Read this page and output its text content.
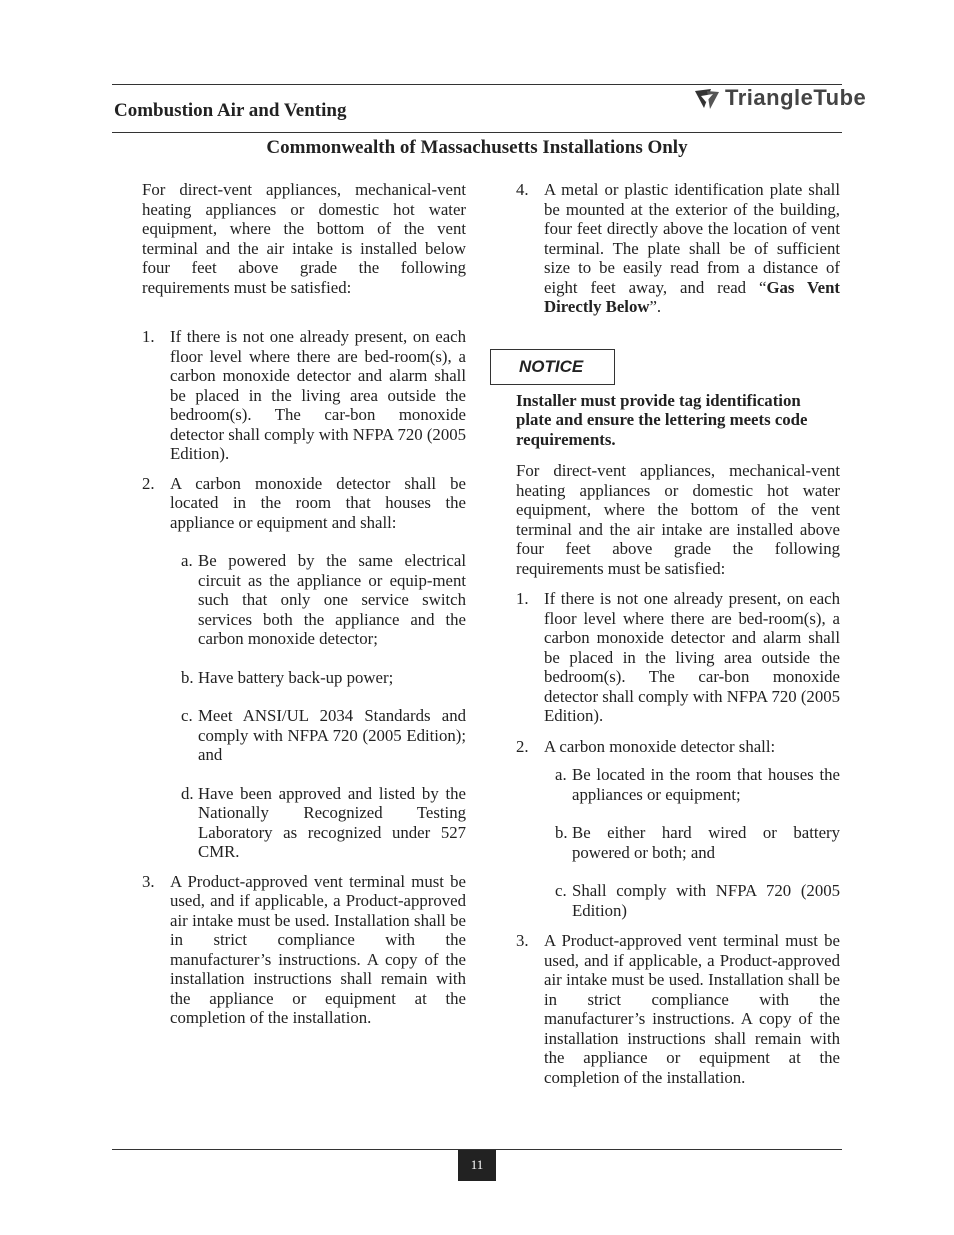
Combustion Air and Venting
TriangleTube
Commonwealth of Massachusetts Installations Only

For direct-vent appliances, mechanical-vent heating appliances or domestic hot water equipment, where the bottom of the vent terminal and the air intake is installed below four feet above grade the following requirements must be satisfied:

1. If there is not one already present, on each floor level where there are bed-room(s), a carbon monoxide detector and alarm shall be placed in the living area outside the bedroom(s). The car-bon monoxide detector shall comply with NFPA 720 (2005 Edition).
2. A carbon monoxide detector shall be located in the room that houses the appliance or equipment and shall:
a. Be powered by the same electrical circuit as the appliance or equip-ment such that only one service switch services both the appliance and the carbon monoxide detector;
b. Have battery back-up power;
c. Meet ANSI/UL 2034 Standards and comply with NFPA 720 (2005 Edition); and
d. Have been approved and listed by the Nationally Recognized Testing Laboratory as recognized under 527 CMR.
3. A Product-approved vent terminal must be used, and if applicable, a Product-approved air intake must be used. Installation shall be in strict compliance with the manufacturer’s instructions. A copy of the installation instructions shall remain with the appliance or equipment at the completion of the installation.
4. A metal or plastic identification plate shall be mounted at the exterior of the building, four feet directly above the location of vent terminal. The plate shall be of sufficient size to be easily read from a distance of eight feet away, and read “Gas Vent Directly Below”.
NOTICE

Installer must provide tag identification plate and ensure the lettering meets code requirements.

For direct-vent appliances, mechanical-vent heating appliances or domestic hot water equipment, where the bottom of the vent terminal and the air intake are installed above four feet above grade the following requirements must be satisfied:

1. If there is not one already present, on each floor level where there are bed-room(s), a carbon monoxide detector and alarm shall be placed in the living area outside the bedroom(s). The car-bon monoxide detector shall comply with NFPA 720 (2005 Edition).
2. A carbon monoxide detector shall:
a. Be located in the room that houses the appliances or equipment;
b. Be either hard wired or battery powered or both; and
c. Shall comply with NFPA 720 (2005 Edition)
3. A Product-approved vent terminal must be used, and if applicable, a Product-approved air intake must be used. Installation shall be in strict compliance with the manufacturer’s instructions. A copy of the installation instructions shall remain with the appliance or equipment at the completion of the installation.
11
